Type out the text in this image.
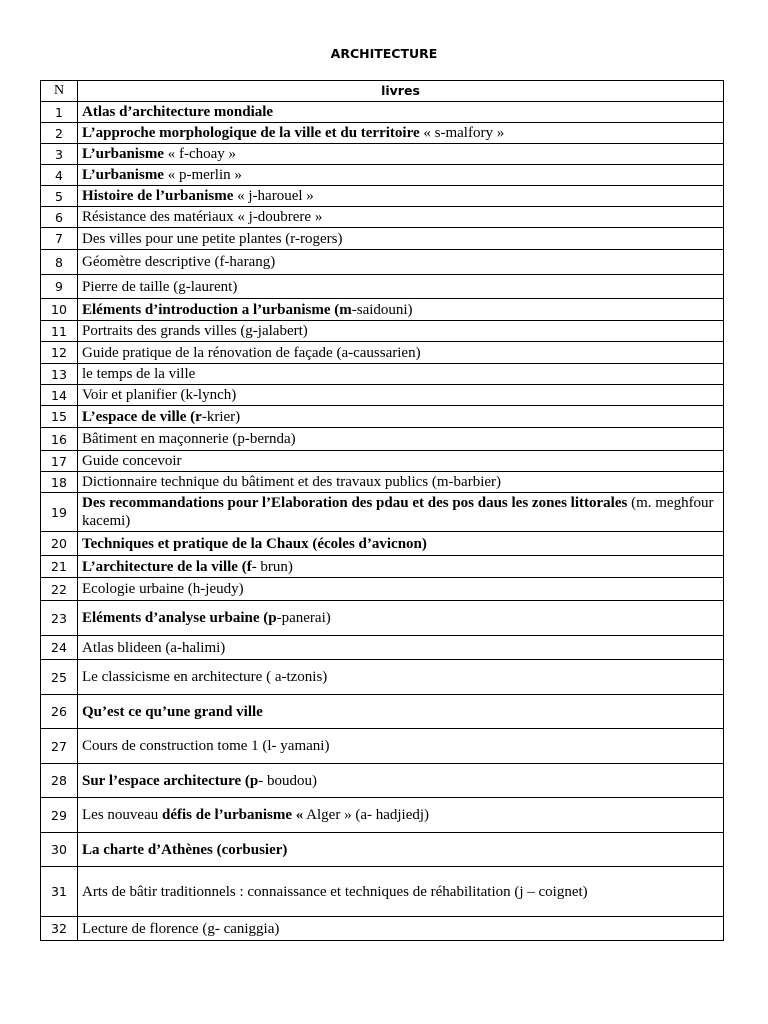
ARCHITECTURE
N	livres
1	Atlas d’architecture mondiale
2	L’approche morphologique de la ville et du territoire « s-malfory »
3	L’urbanisme « f-choay »
4	L’urbanisme « p-merlin »
5	Histoire de l’urbanisme « j-harouel »
6	Résistance des matériaux « j-doubrere »
7	Des villes pour une petite plantes (r-rogers)
8	Géomètre descriptive (f-harang)
9	Pierre de taille (g-laurent)
10	Eléments d’introduction a l’urbanisme (m-saidouni)
11	Portraits des grands villes (g-jalabert)
12	Guide pratique de la rénovation de façade (a-caussarien)
13	le temps de la ville
14	Voir et planifier (k-lynch)
15	L’espace de ville (r-krier)
16	Bâtiment en maçonnerie (p-bernda)
17	Guide concevoir
18	Dictionnaire technique du bâtiment et des travaux publics (m-barbier)
19	Des recommandations pour l’Elaboration des pdau et des pos daus les zones littorales (m. meghfour kacemi)
20	Techniques et pratique de la Chaux (écoles d’avicnon)
21	L’architecture de la ville (f- brun)
22	Ecologie urbaine (h-jeudy)
23	Eléments d’analyse urbaine (p-panerai)
24	Atlas blideen (a-halimi)
25	Le classicisme en architecture ( a-tzonis)
26	Qu’est ce qu’une grand ville
27	Cours de construction tome 1 (l- yamani)
28	Sur l’espace architecture (p- boudou)
29	Les nouveau défis de l’urbanisme « Alger » (a- hadjiedj)
30	La charte d’Athènes (corbusier)
31	Arts de bâtir traditionnels : connaissance et techniques de réhabilitation (j – coignet)
32	Lecture de florence (g- caniggia)
